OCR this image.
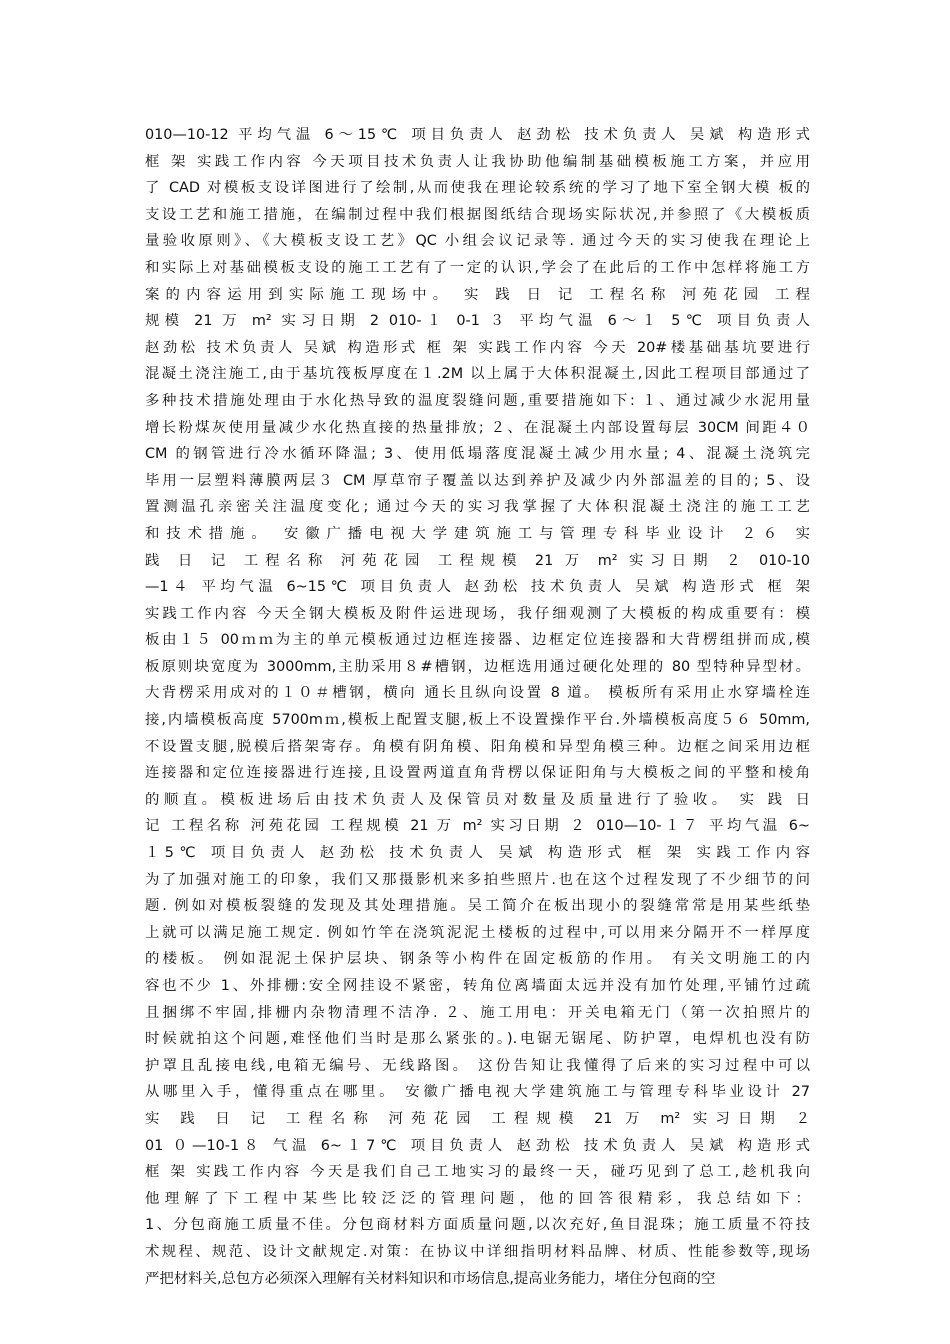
010—10-12 平均气温 6～15℃ 项目负责人 赵劲松 技术负责人 吴斌 构造形式
框 架 实践工作内容 今天项目技术负责人让我协助他编制基础模板施工方案，并应用
了 CAD 对模板支设详图进行了绘制,从而使我在理论较系统的学习了地下室全钢大模 板的
支设工艺和施工措施，在编制过程中我们根据图纸结合现场实际状况,并参照了《大模板质
量验收原则》、《大模板支设工艺》QC 小组会议记录等. 通过今天的实习使我在理论上
和实际上对基础模板支设的施工工艺有了一定的认识,学会了在此后的工作中怎样将施工方
案的内容运用到实际施工现场中。 实 践 日 记 工程名称 河苑花园 工程
规模 21 万 m² 实习日期 2 010-１ 0-1 ３ 平均气温 6～１ 5℃ 项目负责人
赵劲松 技术负责人 吴斌 构造形式 框 架 实践工作内容 今天 20#楼基础基坑要进行
混凝土浇注施工,由于基坑筏板厚度在１.2M 以上属于大体积混凝土,因此工程项目部通过了
多种技术措施处理由于水化热导致的温度裂缝问题,重要措施如下: １、通过减少水泥用量
增长粉煤灰使用量减少水化热直接的热量排放; ２、在混凝土内部设置每层 30CM 间距４０
CM 的钢管进行冷水循环降温; 3、使用低塌落度混凝土减少用水量; 4、混凝土浇筑完
毕用一层塑料薄膜两层３ CM 厚草帘子覆盖以达到养护及减少内外部温差的目的; 5、设
置测温孔亲密关注温度变化; 通过今天的实习我掌握了大体积混凝土浇注的施工工艺
和技术措施。 安徽广播电视大学建筑施工与管理专科毕业设计 ２６ 实
践 日 记 工程名称 河苑花园 工程规模 21 万 m² 实习日期 ２ 010-10
—1４ 平均气温 6~15℃ 项目负责人 赵劲松 技术负责人 吴斌 构造形式 框 架
实践工作内容 今天全钢大模板及附件运进现场，我仔细观测了大模板的构成重要有：模
板由１５ 00ｍｍ为主的单元模板通过边框连接器、边框定位连接器和大背楞组拼而成,模
板原则块宽度为 3000mm,主肋采用８#槽钢，边框选用通过硬化处理的 80 型特种异型材。
大背楞采用成对的１０＃槽钢，横向 通长且纵向设置 8 道。 模板所有采用止水穿墙栓连
接,内墙模板高度 5700mｍ,模板上配置支腿,板上不设置操作平台.外墙模板高度５６ 50mm,
不设置支腿,脱模后搭架寄存。角模有阴角模、阳角模和异型角模三种。边框之间采用边框
连接器和定位连接器进行连接,且设置两道直角背楞以保证阳角与大模板之间的平整和棱角
的顺直。模板进场后由技术负责人及保管员对数量及质量进行了验收。 实 践 日
记 工程名称 河苑花园 工程规模 21 万 m² 实习日期 ２ 010—10-１７ 平均气温 6~
１5℃ 项目负责人 赵劲松 技术负责人 吴斌 构造形式 框 架 实践工作内容
为了加强对施工的印象，我们又那摄影机来多拍些照片.也在这个过程发现了不少细节的问
题. 例如对模板裂缝的发现及其处理措施。吴工简介在板出现小的裂缝常常是用某些纸垫
上就可以满足施工规定. 例如竹竿在浇筑泥泥土楼板的过程中,可以用来分隔开不一样厚度
的楼板。 例如混泥土保护层块、钢条等小构件在固定板筋的作用。 有关文明施工的内
容也不少 1、外排栅:安全网挂设不紧密，转角位离墙面太远并没有加竹处理,平铺竹过疏
且捆绑不牢固,排栅内杂物清理不洁净. ２、施工用电：开关电箱无门（第一次拍照片的
时候就拍这个问题,难怪他们当时是那么紧张的。).电锯无锯尾、防护罩，电焊机也没有防
护罩且乱接电线,电箱无编号、无线路图。 这份告知让我懂得了后来的实习过程中可以
从哪里入手，懂得重点在哪里。 安徽广播电视大学建筑施工与管理专科毕业设计 27
实 践 日 记 工程名称 河苑花园 工程规模 21 万 m² 实习日期 ２
01 ０—10-1８ 气温 6~１7℃ 项目负责人 赵劲松 技术负责人 吴斌 构造形式
框 架 实践工作内容 今天是我们自己工地实习的最终一天，碰巧见到了总工,趁机我向
他理解了下工程中某些比较泛泛的管理问题，他的回答很精彩，我总结如下：
1、分包商施工质量不佳。分包商材料方面质量问题,以次充好,鱼目混珠；施工质量不符技
术规程、规范、设计文献规定.对策：在协议中详细指明材料品牌、材质、性能参数等,现场
严把材料关,总包方必须深入理解有关材料知识和市场信息,提高业务能力，堵住分包商的空
